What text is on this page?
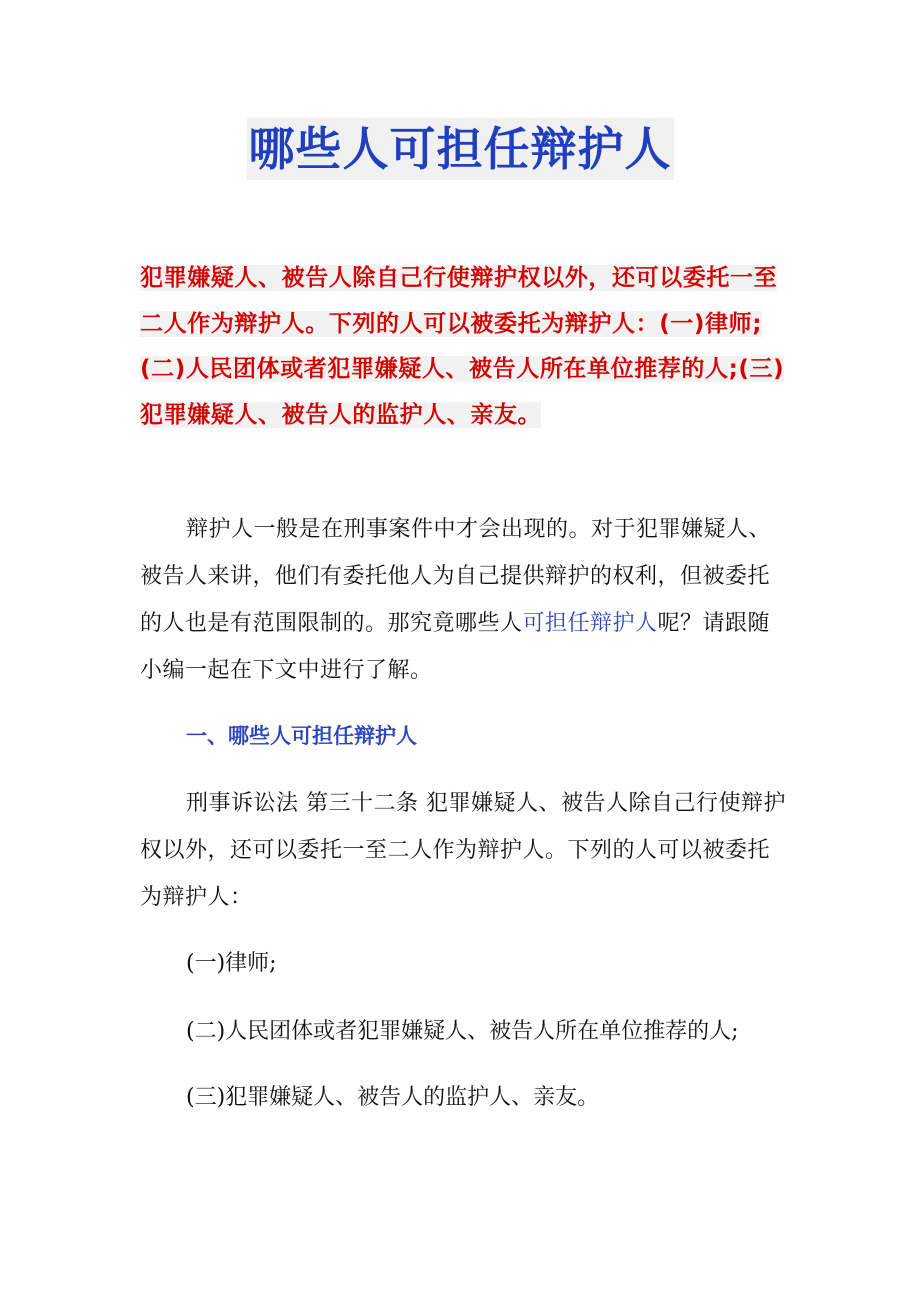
哪些人可担任辩护人

犯罪嫌疑人、被告人除自己行使辩护权以外，还可以委托一至二人作为辩护人。下列的人可以被委托为辩护人：(一)律师;(二)人民团体或者犯罪嫌疑人、被告人所在单位推荐的人;(三)犯罪嫌疑人、被告人的监护人、亲友。

辩护人一般是在刑事案件中才会出现的。对于犯罪嫌疑人、被告人来讲，他们有委托他人为自己提供辩护的权利，但被委托的人也是有范围限制的。那究竟哪些人可担任辩护人呢？请跟随小编一起在下文中进行了解。

一、哪些人可担任辩护人

刑事诉讼法 第三十二条 犯罪嫌疑人、被告人除自己行使辩护权以外，还可以委托一至二人作为辩护人。下列的人可以被委托为辩护人：

(一)律师;

(二)人民团体或者犯罪嫌疑人、被告人所在单位推荐的人;

(三)犯罪嫌疑人、被告人的监护人、亲友。
